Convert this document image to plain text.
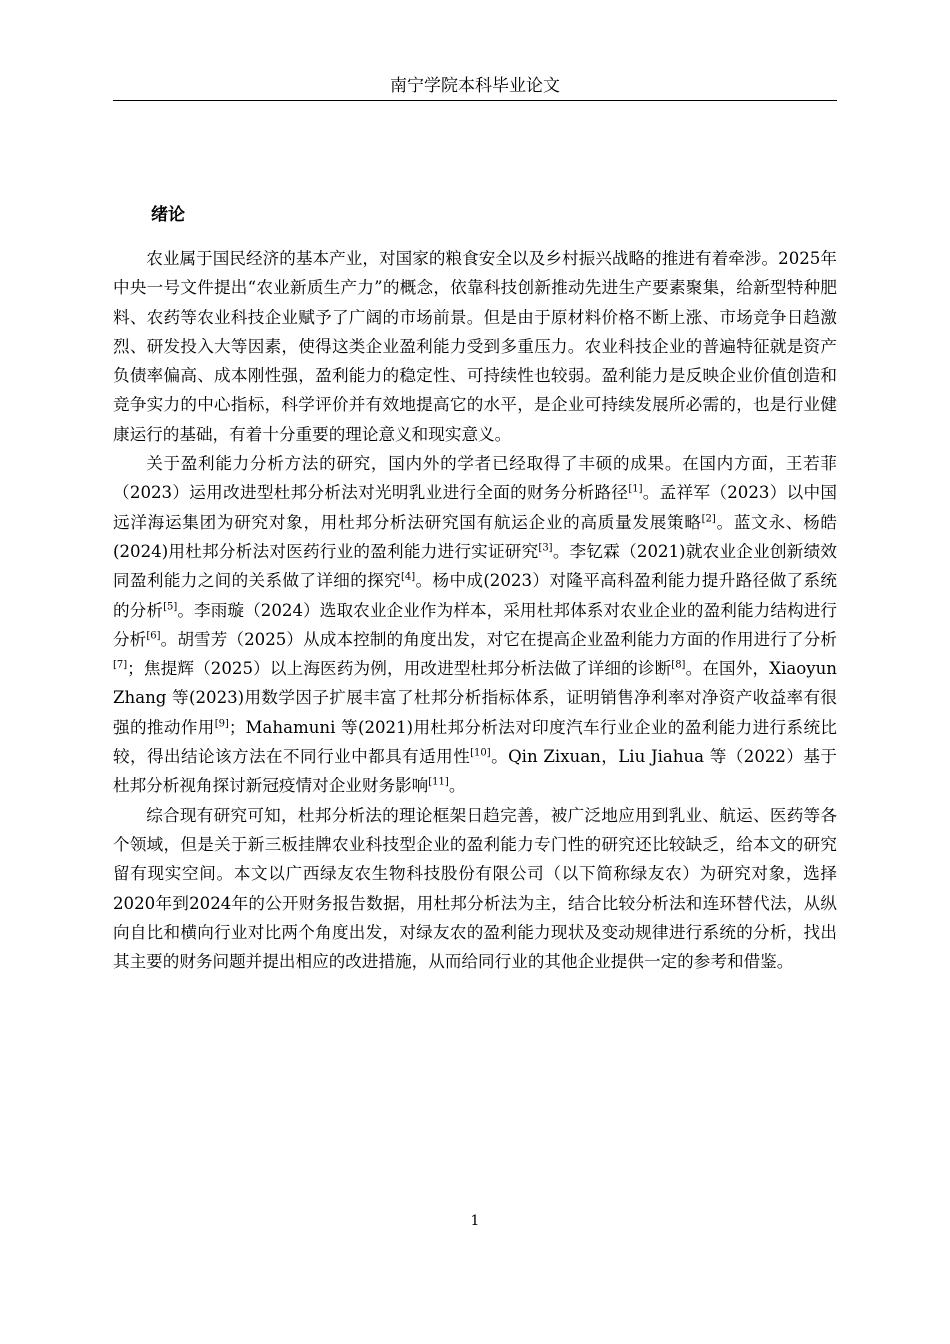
南宁学院本科毕业论文
绪论

农业属于国民经济的基本产业，对国家的粮食安全以及乡村振兴战略的推进有着牵涉。2025年中央一号文件提出“农业新质生产力”的概念，依靠科技创新推动先进生产要素聚集，给新型特种肥料、农药等农业科技企业赋予了广阔的市场前景。但是由于原材料价格不断上涨、市场竞争日趋激烈、研发投入大等因素，使得这类企业盈利能力受到多重压力。农业科技企业的普遍特征就是资产负债率偏高、成本刚性强，盈利能力的稳定性、可持续性也较弱。盈利能力是反映企业价值创造和竞争实力的中心指标，科学评价并有效地提高它的水平，是企业可持续发展所必需的，也是行业健康运行的基础，有着十分重要的理论意义和现实意义。

关于盈利能力分析方法的研究，国内外的学者已经取得了丰硕的成果。在国内方面，王若菲（2023）运用改进型杜邦分析法对光明乳业进行全面的财务分析路径[1]。孟祥军（2023）以中国远洋海运集团为研究对象，用杜邦分析法研究国有航运企业的高质量发展策略[2]。蓝文永、杨皓(2024)用杜邦分析法对医药行业的盈利能力进行实证研究[3]。李钇霖（2021)就农业企业创新绩效同盈利能力之间的关系做了详细的探究[4]。杨中成(2023）对隆平高科盈利能力提升路径做了系统的分析[5]。李雨璇（2024）选取农业企业作为样本，采用杜邦体系对农业企业的盈利能力结构进行分析[6]。胡雪芳（2025）从成本控制的角度出发，对它在提高企业盈利能力方面的作用进行了分析[7]；焦提辉（2025）以上海医药为例，用改进型杜邦分析法做了详细的诊断[8]。在国外，Xiaoyun Zhang 等(2023)用数学因子扩展丰富了杜邦分析指标体系，证明销售净利率对净资产收益率有很强的推动作用[9]；Mahamuni 等(2021)用杜邦分析法对印度汽车行业企业的盈利能力进行系统比较，得出结论该方法在不同行业中都具有适用性[10]。Qin Zixuan，Liu Jiahua 等（2022）基于杜邦分析视角探讨新冠疫情对企业财务影响[11]。

综合现有研究可知，杜邦分析法的理论框架日趋完善，被广泛地应用到乳业、航运、医药等各个领域，但是关于新三板挂牌农业科技型企业的盈利能力专门性的研究还比较缺乏，给本文的研究留有现实空间。本文以广西绿友农生物科技股份有限公司（以下简称绿友农）为研究对象，选择2020年到2024年的公开财务报告数据，用杜邦分析法为主，结合比较分析法和连环替代法，从纵向自比和横向行业对比两个角度出发，对绿友农的盈利能力现状及变动规律进行系统的分析，找出其主要的财务问题并提出相应的改进措施，从而给同行业的其他企业提供一定的参考和借鉴。

1
